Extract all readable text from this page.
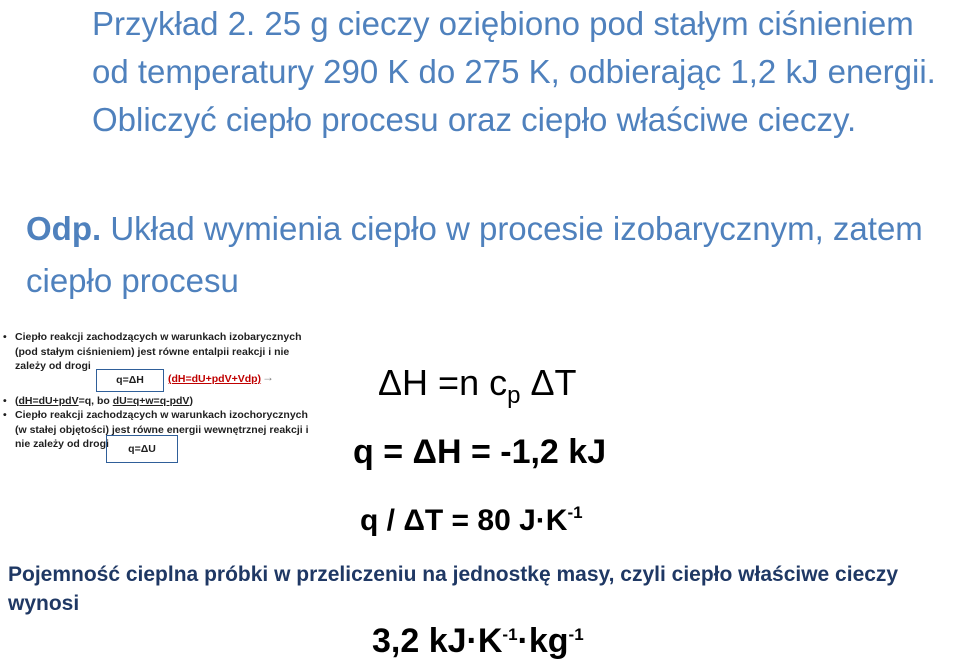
Przykład 2. 25 g cieczy oziębiono pod stałym ciśnieniem od temperatury 290 K do 275 K, odbierając 1,2 kJ energii. Obliczyć ciepło procesu oraz ciepło właściwe cieczy.

Odp. Układ wymienia ciepło w procesie izobarycznym, zatem ciepło procesu

• Ciepło reakcji zachodzących w warunkach izobarycznych (pod stałym ciśnieniem) jest równe entalpii reakcji i nie zależy od drogi
• (dH=dU+pdV=q, bo dU=q+w=q-pdV)
• Ciepło reakcji zachodzących w warunkach izochorycznych (w stałej objętości) jest równe energii wewnętrznej reakcji i nie zależy od drogi
q=ΔH	(dH=dU+pdV+Vdp) →
q=ΔU
ΔH =n $c_p$ ΔT
q = ΔH = -1,2 kJ
q / ΔT = 80 $J\cdot K^{-1}$
Pojemność cieplna próbki w przeliczeniu na jednostkę masy, czyli ciepło właściwe cieczy wynosi
3,2 $kJ\cdot K^{-1}\cdot kg^{-1}$
